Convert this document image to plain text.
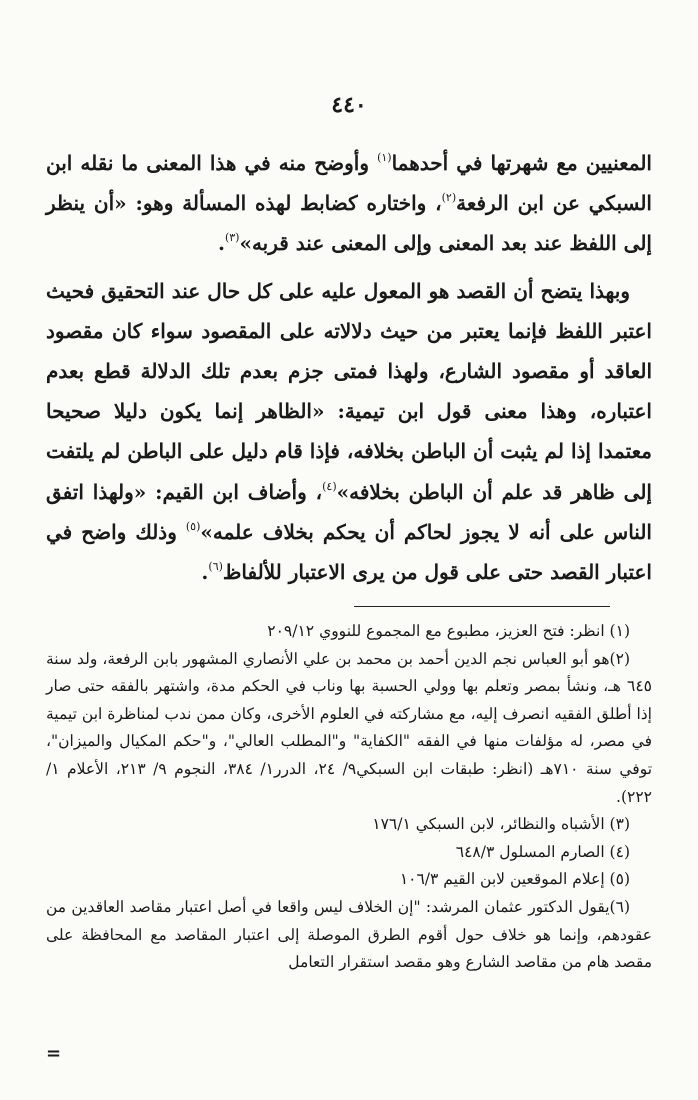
٤٤٠

المعنيين مع شهرتها في أحدهما$^{(١)}$ وأوضح منه في هذا المعنى ما نقله ابن السبكي عن ابن الرفعة$^{(٢)}$، واختاره كضابط لهذه المسألة وهو: «أن ينظر إلى اللفظ عند بعد المعنى وإلى المعنى عند قربه»$^{(٣)}$.

وبهذا يتضح أن القصد هو المعول عليه على كل حال عند التحقيق فحيث اعتبر اللفظ فإنما يعتبر من حيث دلالاته على المقصود سواء كان مقصود العاقد أو مقصود الشارع، ولهذا فمتى جزم بعدم تلك الدلالة قطع بعدم اعتباره، وهذا معنى قول ابن تيمية: «الظاهر إنما يكون دليلا صحيحا معتمدا إذا لم يثبت أن الباطن بخلافه، فإذا قام دليل على الباطن لم يلتفت إلى ظاهر قد علم أن الباطن بخلافه»$^{(٤)}$، وأضاف ابن القيم: «ولهذا اتفق الناس على أنه لا يجوز لحاكم أن يحكم بخلاف علمه»$^{(٥)}$ وذلك واضح في اعتبار القصد حتى على قول من يرى الاعتبار للألفاظ$^{(٦)}$.

(١) انظر: فتح العزيز، مطبوع مع المجموع للنووي ٢٠٩/١٢

(٢)هو أبو العباس نجم الدين أحمد بن محمد بن علي الأنصاري المشهور بابن الرفعة، ولد سنة ٦٤٥ هـ، ونشأ بمصر وتعلم بها وولي الحسبة بها وناب في الحكم مدة، واشتهر بالفقه حتى صار إذا أطلق الفقيه انصرف إليه، مع مشاركته في العلوم الأخرى، وكان ممن ندب لمناظرة ابن تيمية في مصر، له مؤلفات منها في الفقه "الكفاية" و"المطلب العالي"، و"حكم المكيال والميزان"، توفي سنة ٧١٠هـ (انظر: طبقات ابن السبكي٩/ ٢٤، الدرر١/ ٣٨٤، النجوم ٩/ ٢١٣، الأعلام ١/ ٢٢٢).

(٣) الأشباه والنظائر، لابن السبكي ١٧٦/١

(٤) الصارم المسلول ٦٤٨/٣

(٥) إعلام الموقعين لابن القيم ١٠٦/٣

(٦)يقول الدكتور عثمان المرشد: "إن الخلاف ليس واقعا في أصل اعتبار مقاصد العاقدين من عقودهم، وإنما هو خلاف حول أقوم الطرق الموصلة إلى اعتبار المقاصد مع المحافظة على مقصد هام من مقاصد الشارع وهو مقصد استقرار التعامل

=
